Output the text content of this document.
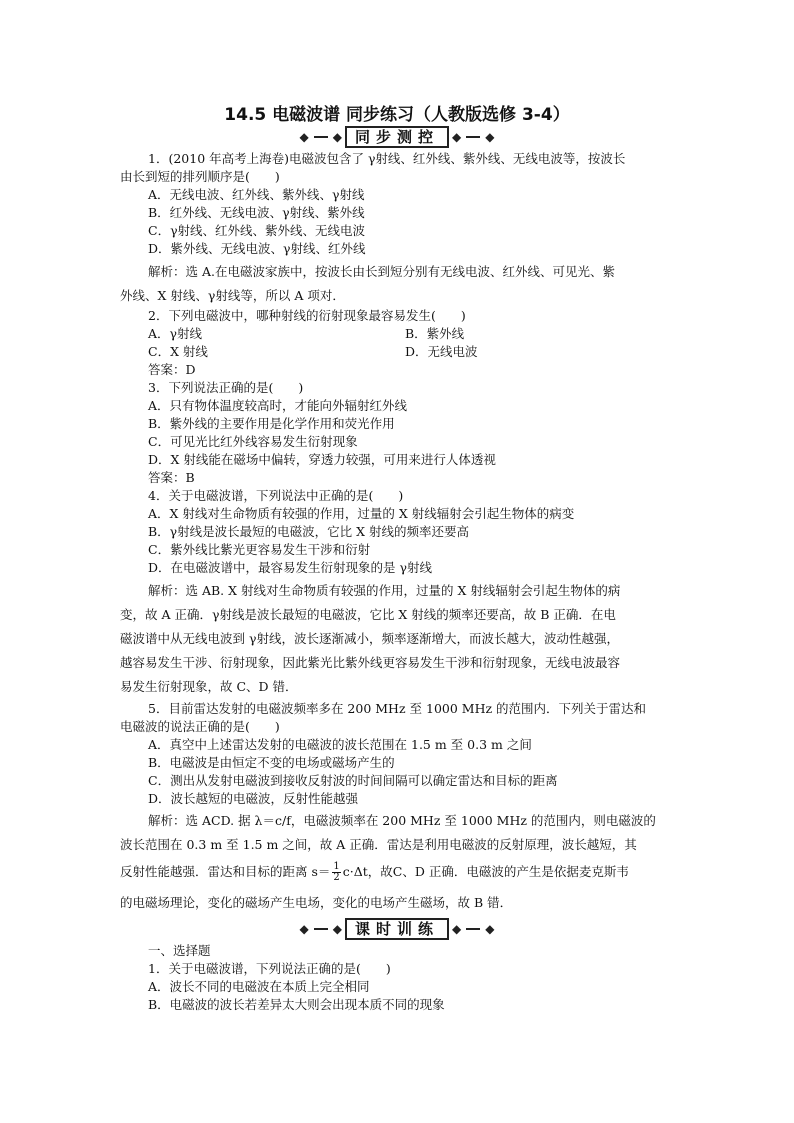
14.5 电磁波谱 同步练习（人教版选修 3-4）
◆ ◆ 同步测控	◆ ◆
1．(2010 年高考上海卷)电磁波包含了 γ射线、红外线、紫外线、无线电波等，按波长
由长到短的排列顺序是(　　)
A．无线电波、红外线、紫外线、γ射线
B．红外线、无线电波、γ射线、紫外线
C．γ射线、红外线、紫外线、无线电波
D．紫外线、无线电波、γ射线、红外线
解析：选 A.在电磁波家族中，按波长由长到短分别有无线电波、红外线、可见光、紫
外线、X 射线、γ射线等，所以 A 项对．
2．下列电磁波中，哪种射线的衍射现象最容易发生(　　)
A．γ射线	B．紫外线
C．X 射线	D．无线电波
答案：D
3．下列说法正确的是(　　)
A．只有物体温度较高时，才能向外辐射红外线
B．紫外线的主要作用是化学作用和荧光作用
C．可见光比红外线容易发生衍射现象
D．X 射线能在磁场中偏转，穿透力较强，可用来进行人体透视
答案：B
4．关于电磁波谱，下列说法中正确的是(　　)
A．X 射线对生命物质有较强的作用，过量的 X 射线辐射会引起生物体的病变
B．γ射线是波长最短的电磁波，它比 X 射线的频率还要高
C．紫外线比紫光更容易发生干涉和衍射
D．在电磁波谱中，最容易发生衍射现象的是 γ射线
解析：选 AB. X 射线对生命物质有较强的作用，过量的 X 射线辐射会引起生物体的病
变，故 A 正确．γ射线是波长最短的电磁波，它比 X 射线的频率还要高，故 B 正确．在电
磁波谱中从无线电波到 γ射线，波长逐渐减小，频率逐渐增大，而波长越大，波动性越强，
越容易发生干涉、衍射现象，因此紫光比紫外线更容易发生干涉和衍射现象，无线电波最容
易发生衍射现象，故 C、D 错．
5．目前雷达发射的电磁波频率多在 200 MHz 至 1000 MHz 的范围内．下列关于雷达和
电磁波的说法正确的是(　　)
A．真空中上述雷达发射的电磁波的波长范围在 1.5 m 至 0.3 m 之间
B．电磁波是由恒定不变的电场或磁场产生的
C．测出从发射电磁波到接收反射波的时间间隔可以确定雷达和目标的距离
D．波长越短的电磁波，反射性能越强
解析：选 ACD. 据 λ＝c/f，电磁波频率在 200 MHz 至 1000 MHz 的范围内，则电磁波的
波长范围在 0.3 m 至 1.5 m 之间，故 A 正确．雷达是利用电磁波的反射原理，波长越短，其
反射性能越强．雷达和目标的距离 $s= \frac{1}{2} c\cdot\Delta t$，故C、D 正确．电磁波的产生是依据麦克斯韦
的电磁场理论，变化的磁场产生电场，变化的电场产生磁场，故 B 错．
◆ ◆ 课时训练	◆ ◆
一、选择题
1．关于电磁波谱，下列说法正确的是(　　)
A．波长不同的电磁波在本质上完全相同
B．电磁波的波长若差异太大则会出现本质不同的现象
